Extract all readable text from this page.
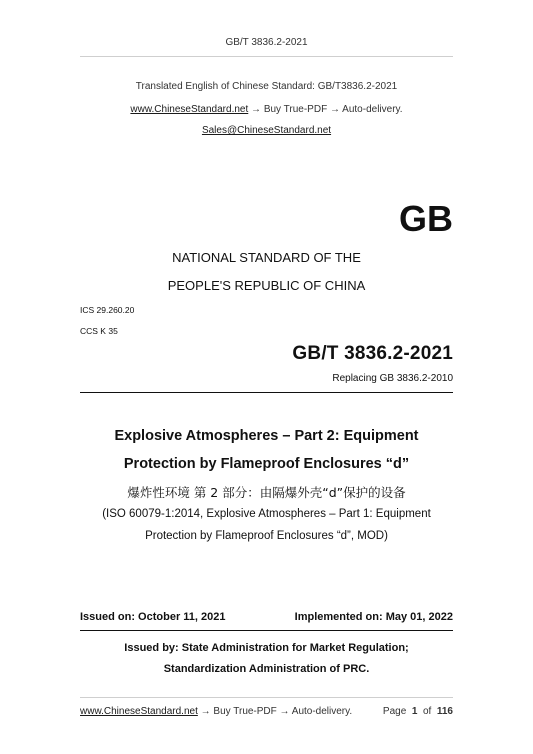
GB/T 3836.2-2021
Translated English of Chinese Standard: GB/T3836.2-2021
www.ChineseStandard.net → Buy True-PDF → Auto-delivery.
Sales@ChineseStandard.net
GB
NATIONAL STANDARD OF THE
PEOPLE'S REPUBLIC OF CHINA
ICS 29.260.20
CCS K 35
GB/T 3836.2-2021
Replacing GB 3836.2-2010
Explosive Atmospheres – Part 2: Equipment
Protection by Flameproof Enclosures “d”
爆炸性环境 第 2 部分：由隔爆外壳“d”保护的设备
(ISO 60079-1:2014, Explosive Atmospheres – Part 1: Equipment
Protection by Flameproof Enclosures “d”, MOD)
Issued on: October 11, 2021	Implemented on: May 01, 2022
Issued by: State Administration for Market Regulation;
Standardization Administration of PRC.
www.ChineseStandard.net → Buy True-PDF → Auto-delivery.	Page 1 of 116
